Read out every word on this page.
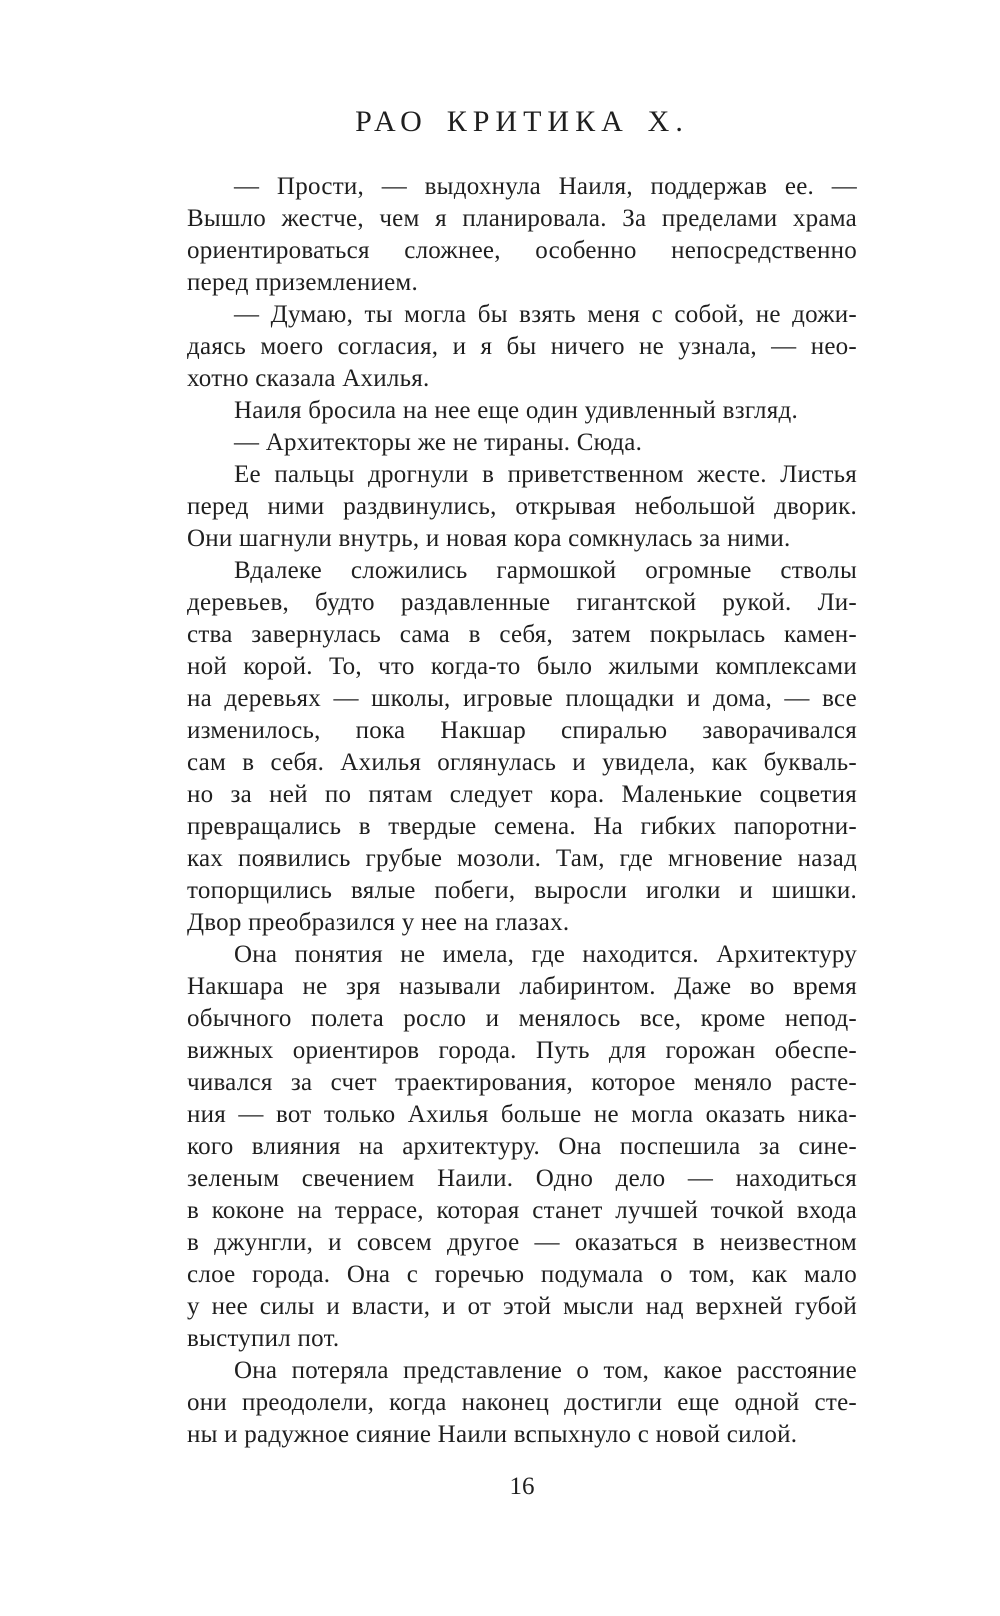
РАО КРИТИКА Х.
— Прости, — выдохнула Наиля, поддержав ее. —
Вышло жестче, чем я планировала. За пределами храма
ориентироваться сложнее, особенно непосредственно
перед приземлением.
— Думаю, ты могла бы взять меня с собой, не дожи-
даясь моего согласия, и я бы ничего не узнала, — нео-
хотно сказала Ахилья.
Наиля бросила на нее еще один удивленный взгляд.
— Архитекторы же не тираны. Сюда.
Ее пальцы дрогнули в приветственном жесте. Листья
перед ними раздвинулись, открывая небольшой дворик.
Они шагнули внутрь, и новая кора сомкнулась за ними.
Вдалеке сложились гармошкой огромные стволы
деревьев, будто раздавленные гигантской рукой. Ли-
ства завернулась сама в себя, затем покрылась камен-
ной корой. То, что когда-то было жилыми комплексами
на деревьях — школы, игровые площадки и дома, — все
изменилось, пока Накшар спиралью заворачивался
сам в себя. Ахилья оглянулась и увидела, как букваль-
но за ней по пятам следует кора. Маленькие соцветия
превращались в твердые семена. На гибких папоротни-
ках появились грубые мозоли. Там, где мгновение назад
топорщились вялые побеги, выросли иголки и шишки.
Двор преобразился у нее на глазах.
Она понятия не имела, где находится. Архитектуру
Накшара не зря называли лабиринтом. Даже во время
обычного полета росло и менялось все, кроме непод-
вижных ориентиров города. Путь для горожан обеспе-
чивался за счет траектирования, которое меняло расте-
ния — вот только Ахилья больше не могла оказать ника-
кого влияния на архитектуру. Она поспешила за сине-
зеленым свечением Наили. Одно дело — находиться
в коконе на террасе, которая станет лучшей точкой входа
в джунгли, и совсем другое — оказаться в неизвестном
слое города. Она с горечью подумала о том, как мало
у нее силы и власти, и от этой мысли над верхней губой
выступил пот.
Она потеряла представление о том, какое расстояние
они преодолели, когда наконец достигли еще одной сте-
ны и радужное сияние Наили вспыхнуло с новой силой.
16
